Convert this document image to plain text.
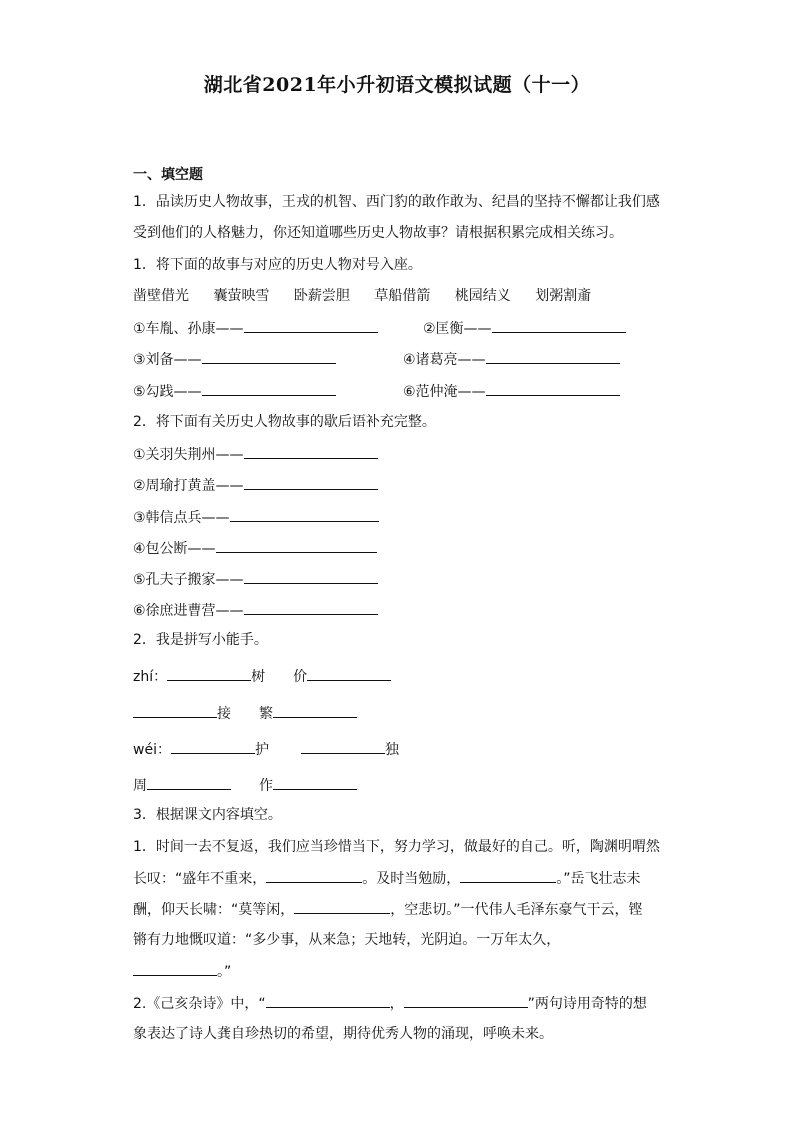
湖北省2021年小升初语文模拟试题（十一）
一、填空题
1．品读历史人物故事，王戎的机智、西门豹的敢作敢为、纪昌的坚持不懈都让我们感
受到他们的人格魅力，你还知道哪些历史人物故事？请根据积累完成相关练习。
1．将下面的故事与对应的历史人物对号入座。
凿壁借光 囊萤映雪 卧薪尝胆 草船借箭 桃园结义 划粥割齑
①车胤、孙康——	②匡衡——
③刘备——	④诸葛亮——
⑤勾践——	⑥范仲淹——
2．将下面有关历史人物故事的歇后语补充完整。
①关羽失荆州——
②周瑜打黄盖——
③韩信点兵——
④包公断——
⑤孔夫子搬家——
⑥徐庶进曹营——
2．我是拼写小能手。
zhí：	树 价
接 繁
wéi：	护	独
周	作
3．根据课文内容填空。
1．时间一去不复返，我们应当珍惜当下，努力学习，做最好的自己。听，陶渊明喟然
长叹：“盛年不重来，	。及时当勉励，	。”岳飞壮志未
酬，仰天长啸：“莫等闲，	，空悲切。”一代伟人毛泽东豪气干云，铿
锵有力地慨叹道：“多少事，从来急；天地转，光阴迫。一万年太久，
。”
2.《己亥杂诗》中，“	，	”两句诗用奇特的想
象表达了诗人龚自珍热切的希望，期待优秀人物的涌现，呼唤未来。
